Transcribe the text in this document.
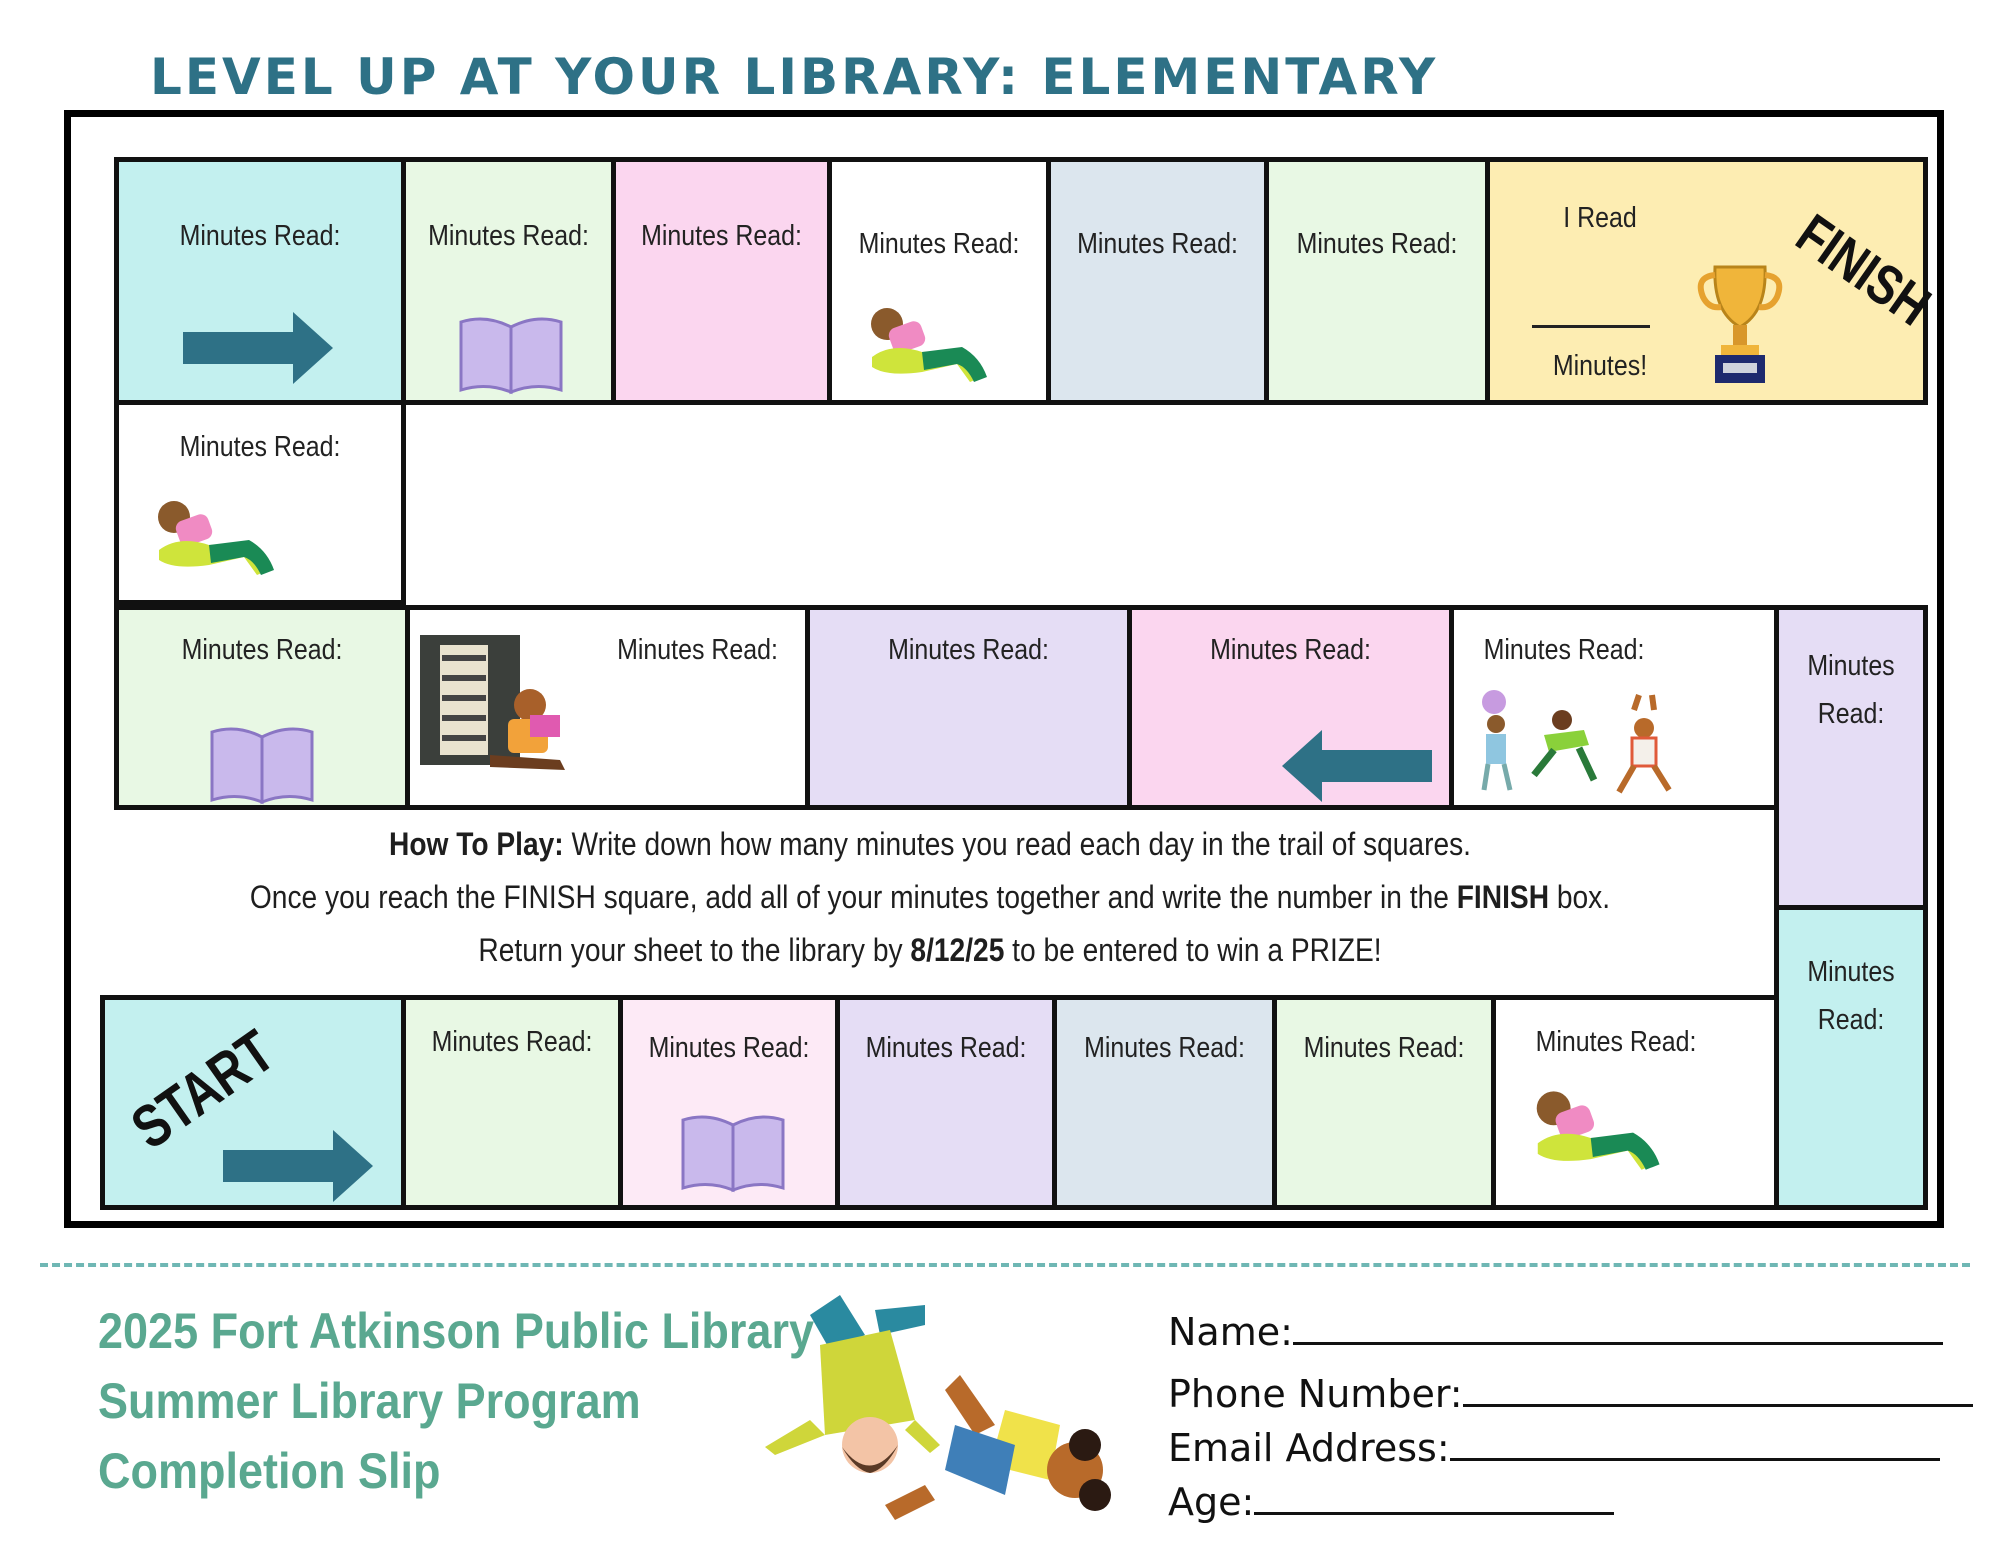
LEVEL UP AT YOUR LIBRARY: ELEMENTARY
Minutes Read:	Minutes Read:	Minutes Read:	Minutes Read:	Minutes Read:	Minutes Read:
I Read
Minutes!
FINISH
Minutes Read:
Minutes Read:	Minutes Read:	Minutes Read:	Minutes Read:	Minutes Read:	Minutes
Read:
Minutes
Read:
How To Play: Write down how many minutes you read each day in the trail of squares.
Once you reach the FINISH square, add all of your minutes together and write the number in the FINISH box.
Return your sheet to the library by 8/12/25 to be entered to win a PRIZE!
START	Minutes Read:	Minutes Read:	Minutes Read:	Minutes Read:	Minutes Read:	Minutes Read:
2025 Fort Atkinson Public Library
Summer Library Program
Completion Slip
Name:
Phone Number:
Email Address:
Age:
